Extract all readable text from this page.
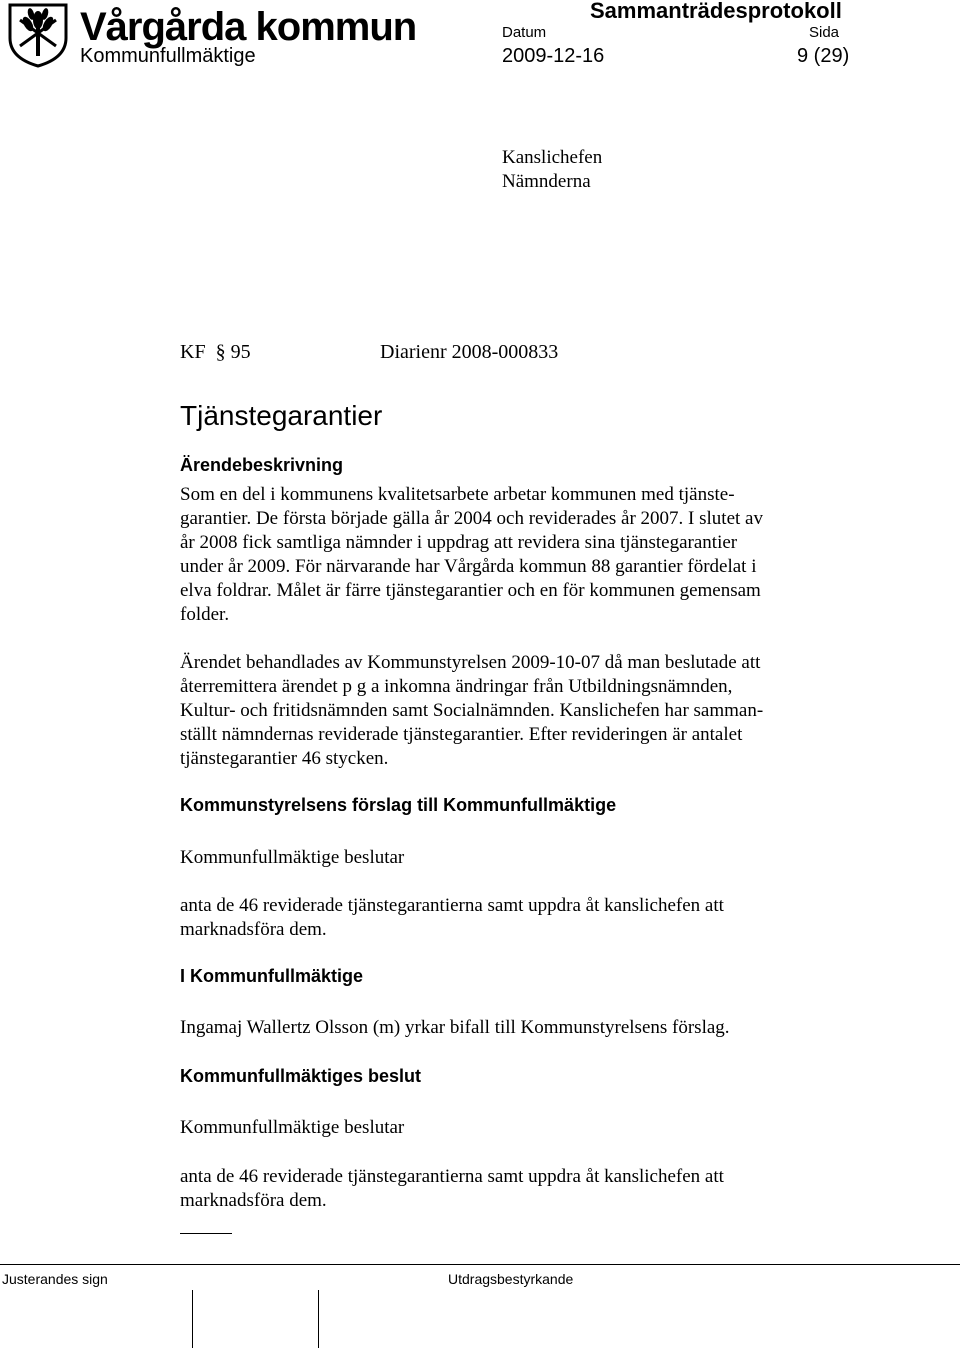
Vårgårda kommun	Sammanträdesprotokoll
Datum	Sida
Kommunfullmäktige	2009-12-16	9 (29)
Kanslichefen
Nämnderna
KF § 95	Diarienr 2008-000833
Tjänstegarantier
Ärendebeskrivning
Som en del i kommunens kvalitetsarbete arbetar kommunen med tjänste-
garantier. De första började gälla år 2004 och reviderades år 2007. I slutet av
år 2008 fick samtliga nämnder i uppdrag att revidera sina tjänstegarantier
under år 2009. För närvarande har Vårgårda kommun 88 garantier fördelat i
elva foldrar. Målet är färre tjänstegarantier och en för kommunen gemensam
folder.
Ärendet behandlades av Kommunstyrelsen 2009-10-07 då man beslutade att
återremittera ärendet p g a inkomna ändringar från Utbildningsnämnden,
Kultur- och fritidsnämnden samt Socialnämnden. Kanslichefen har samman-
ställt nämndernas reviderade tjänstegarantier. Efter revideringen är antalet
tjänstegarantier 46 stycken.
Kommunstyrelsens förslag till Kommunfullmäktige
Kommunfullmäktige beslutar
anta de 46 reviderade tjänstegarantierna samt uppdra åt kanslichefen att
marknadsföra dem.
I Kommunfullmäktige
Ingamaj Wallertz Olsson (m) yrkar bifall till Kommunstyrelsens förslag.
Kommunfullmäktiges beslut
Kommunfullmäktige beslutar
anta de 46 reviderade tjänstegarantierna samt uppdra åt kanslichefen att
marknadsföra dem.
Justerandes sign	Utdragsbestyrkande
